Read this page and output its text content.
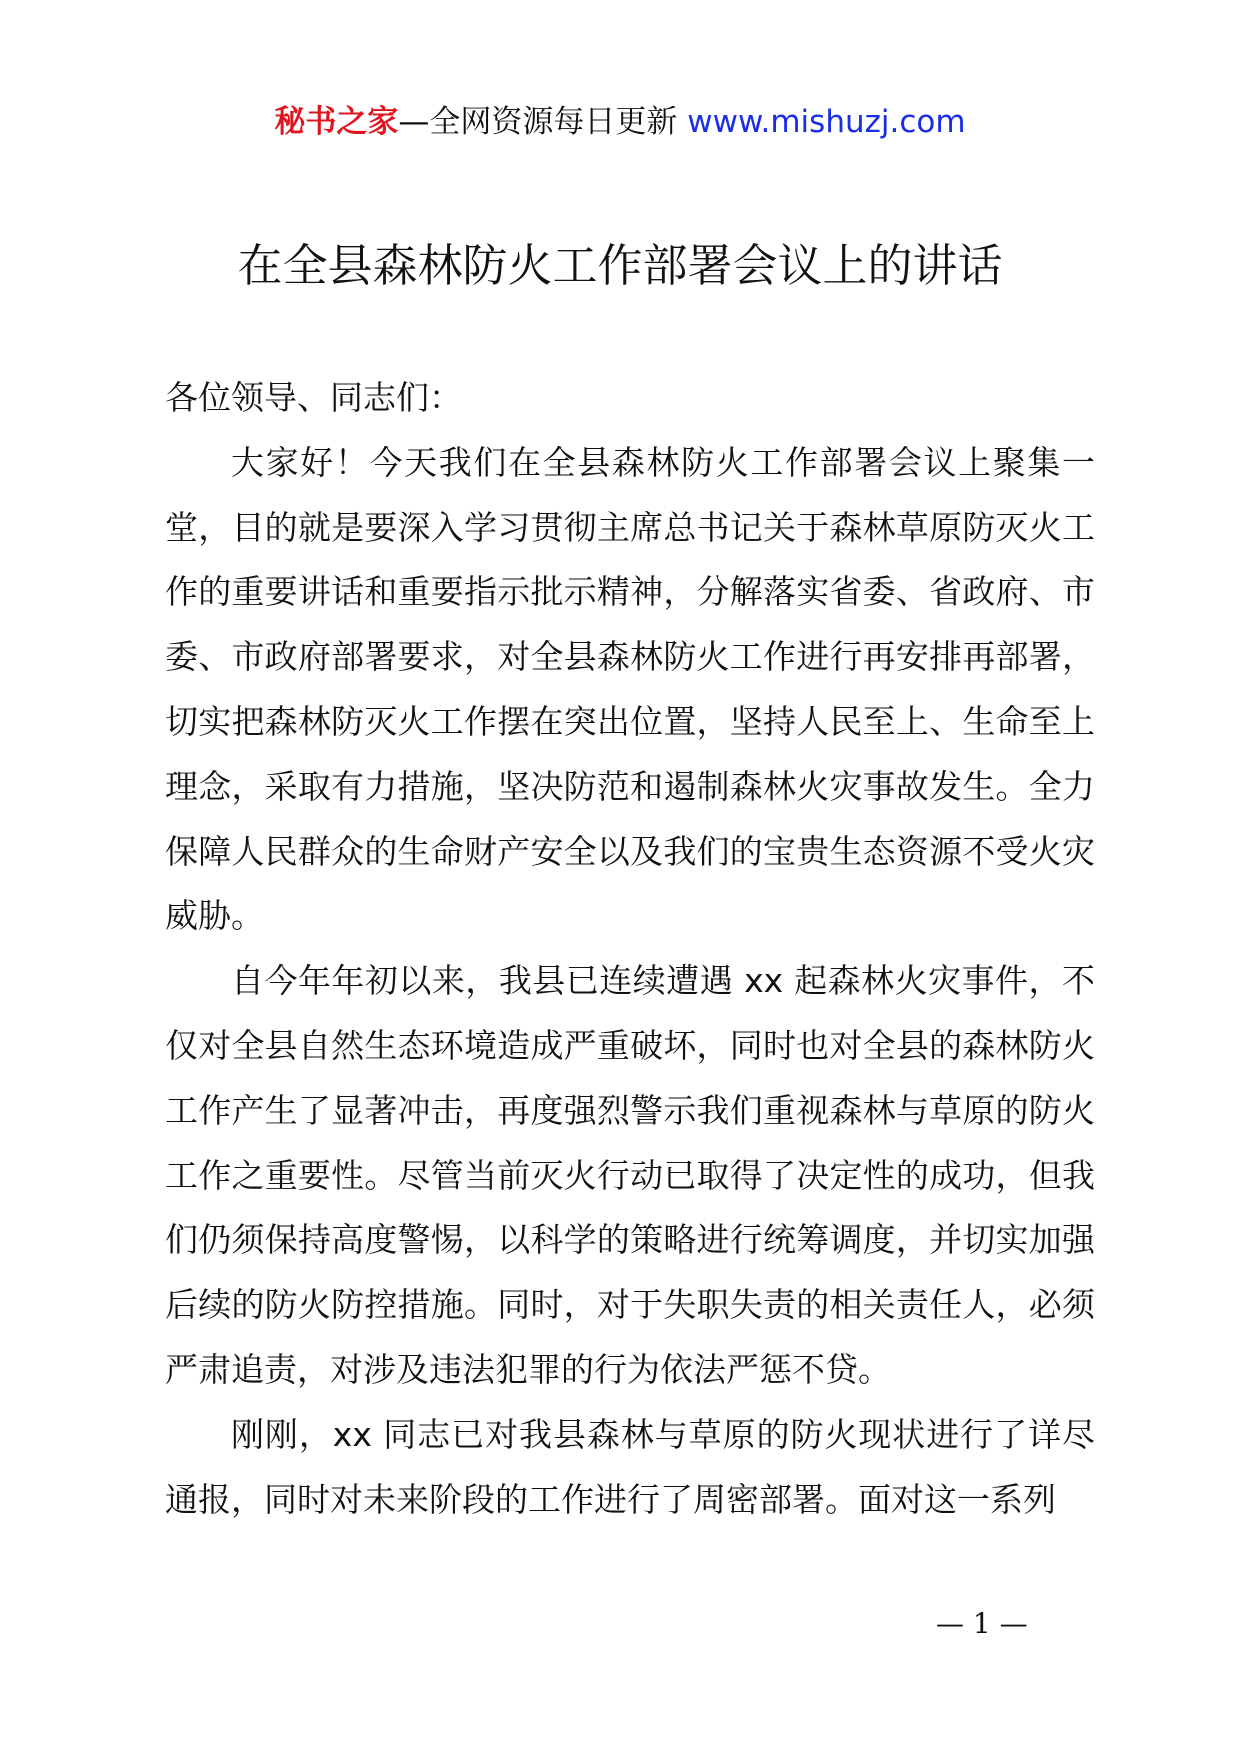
秘书之家—全网资源每日更新 www.mishuzj.com
在全县森林防火工作部署会议上的讲话

各位领导、同志们：

大家好！今天我们在全县森林防火工作部署会议上聚集一堂，目的就是要深入学习贯彻主席总书记关于森林草原防灭火工作的重要讲话和重要指示批示精神，分解落实省委、省政府、市委、市政府部署要求，对全县森林防火工作进行再安排再部署，切实把森林防灭火工作摆在突出位置，坚持人民至上、生命至上理念，采取有力措施，坚决防范和遏制森林火灾事故发生。全力保障人民群众的生命财产安全以及我们的宝贵生态资源不受火灾威胁。

自今年年初以来，我县已连续遭遇 xx 起森林火灾事件，不仅对全县自然生态环境造成严重破坏，同时也对全县的森林防火工作产生了显著冲击，再度强烈警示我们重视森林与草原的防火工作之重要性。尽管当前灭火行动已取得了决定性的成功，但我们仍须保持高度警惕，以科学的策略进行统筹调度，并切实加强后续的防火防控措施。同时，对于失职失责的相关责任人，必须严肃追责，对涉及违法犯罪的行为依法严惩不贷。

刚刚，xx 同志已对我县森林与草原的防火现状进行了详尽通报，同时对未来阶段的工作进行了周密部署。面对这一系列

— 1 —
